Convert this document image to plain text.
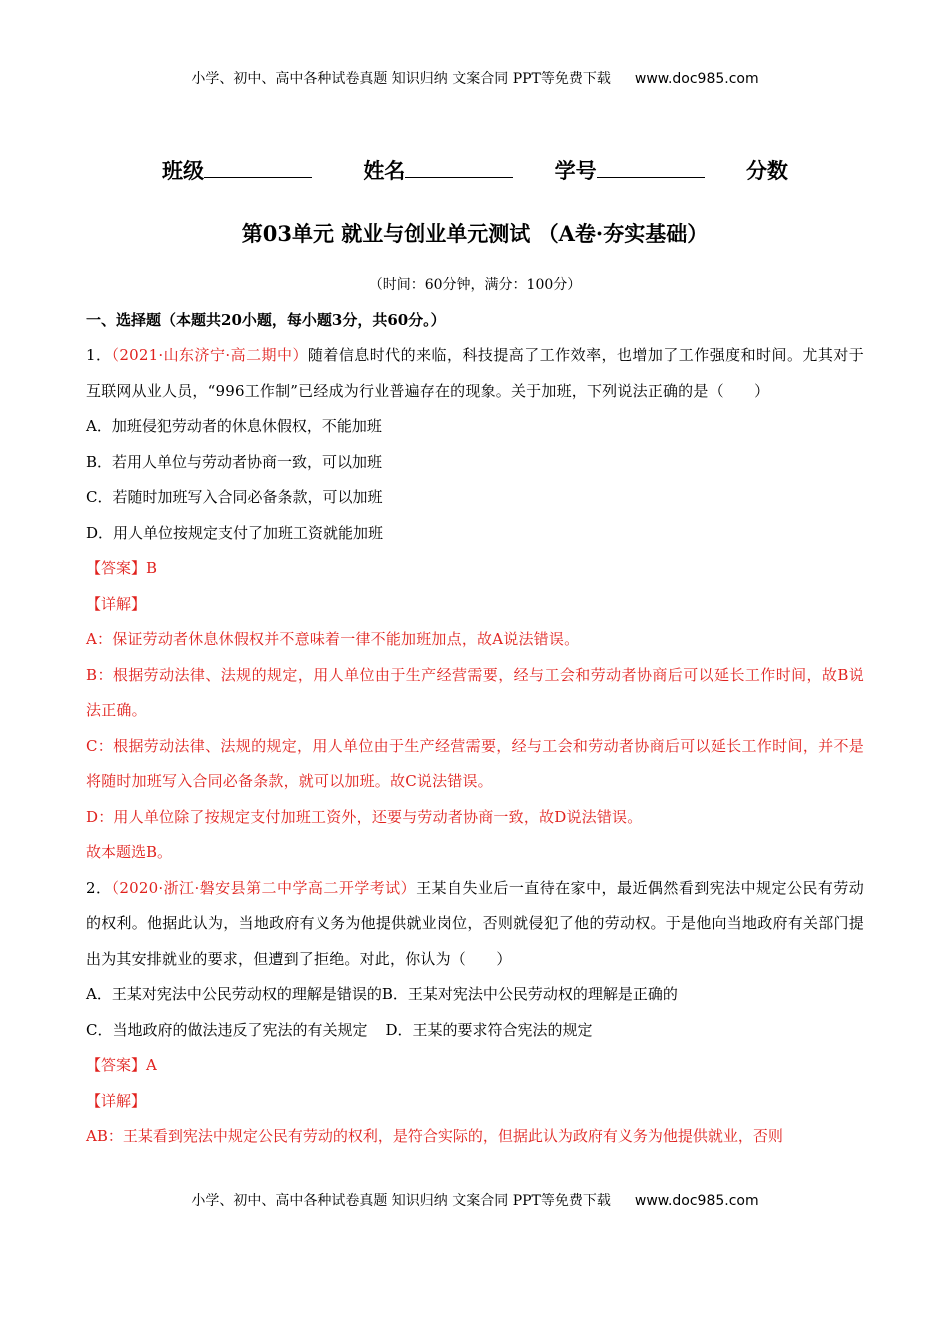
小学、初中、高中各种试卷真题 知识归纳 文案合同 PPT等免费下载 www.doc985.com
班级	姓名	学号	分数
第03单元 就业与创业单元测试 （A卷·夯实基础）
（时间：60分钟，满分：100分）
一、选择题（本题共20小题，每小题3分，共60分。）
1．（2021·山东济宁·高二期中）随着信息时代的来临，科技提高了工作效率，也增加了工作强度和时间。尤其对于互联网从业人员，“996工作制”已经成为行业普遍存在的现象。关于加班，下列说法正确的是（　　）
A．加班侵犯劳动者的休息休假权，不能加班
B．若用人单位与劳动者协商一致，可以加班
C．若随时加班写入合同必备条款，可以加班
D．用人单位按规定支付了加班工资就能加班
【答案】B
【详解】
A：保证劳动者休息休假权并不意味着一律不能加班加点，故A说法错误。
B：根据劳动法律、法规的规定，用人单位由于生产经营需要，经与工会和劳动者协商后可以延长工作时间，故B说法正确。
C：根据劳动法律、法规的规定，用人单位由于生产经营需要，经与工会和劳动者协商后可以延长工作时间，并不是将随时加班写入合同必备条款，就可以加班。故C说法错误。
D：用人单位除了按规定支付加班工资外，还要与劳动者协商一致，故D说法错误。
故本题选B。
2．（2020·浙江·磐安县第二中学高二开学考试）王某自失业后一直待在家中，最近偶然看到宪法中规定公民有劳动的权利。他据此认为，当地政府有义务为他提供就业岗位，否则就侵犯了他的劳动权。于是他向当地政府有关部门提出为其安排就业的要求，但遭到了拒绝。对此，你认为（　　）
A．王某对宪法中公民劳动权的理解是错误的B．王某对宪法中公民劳动权的理解是正确的
C．当地政府的做法违反了宪法的有关规定 D．王某的要求符合宪法的规定
【答案】A
【详解】
AB：王某看到宪法中规定公民有劳动的权利，是符合实际的，但据此认为政府有义务为他提供就业，否则
小学、初中、高中各种试卷真题 知识归纳 文案合同 PPT等免费下载 www.doc985.com
